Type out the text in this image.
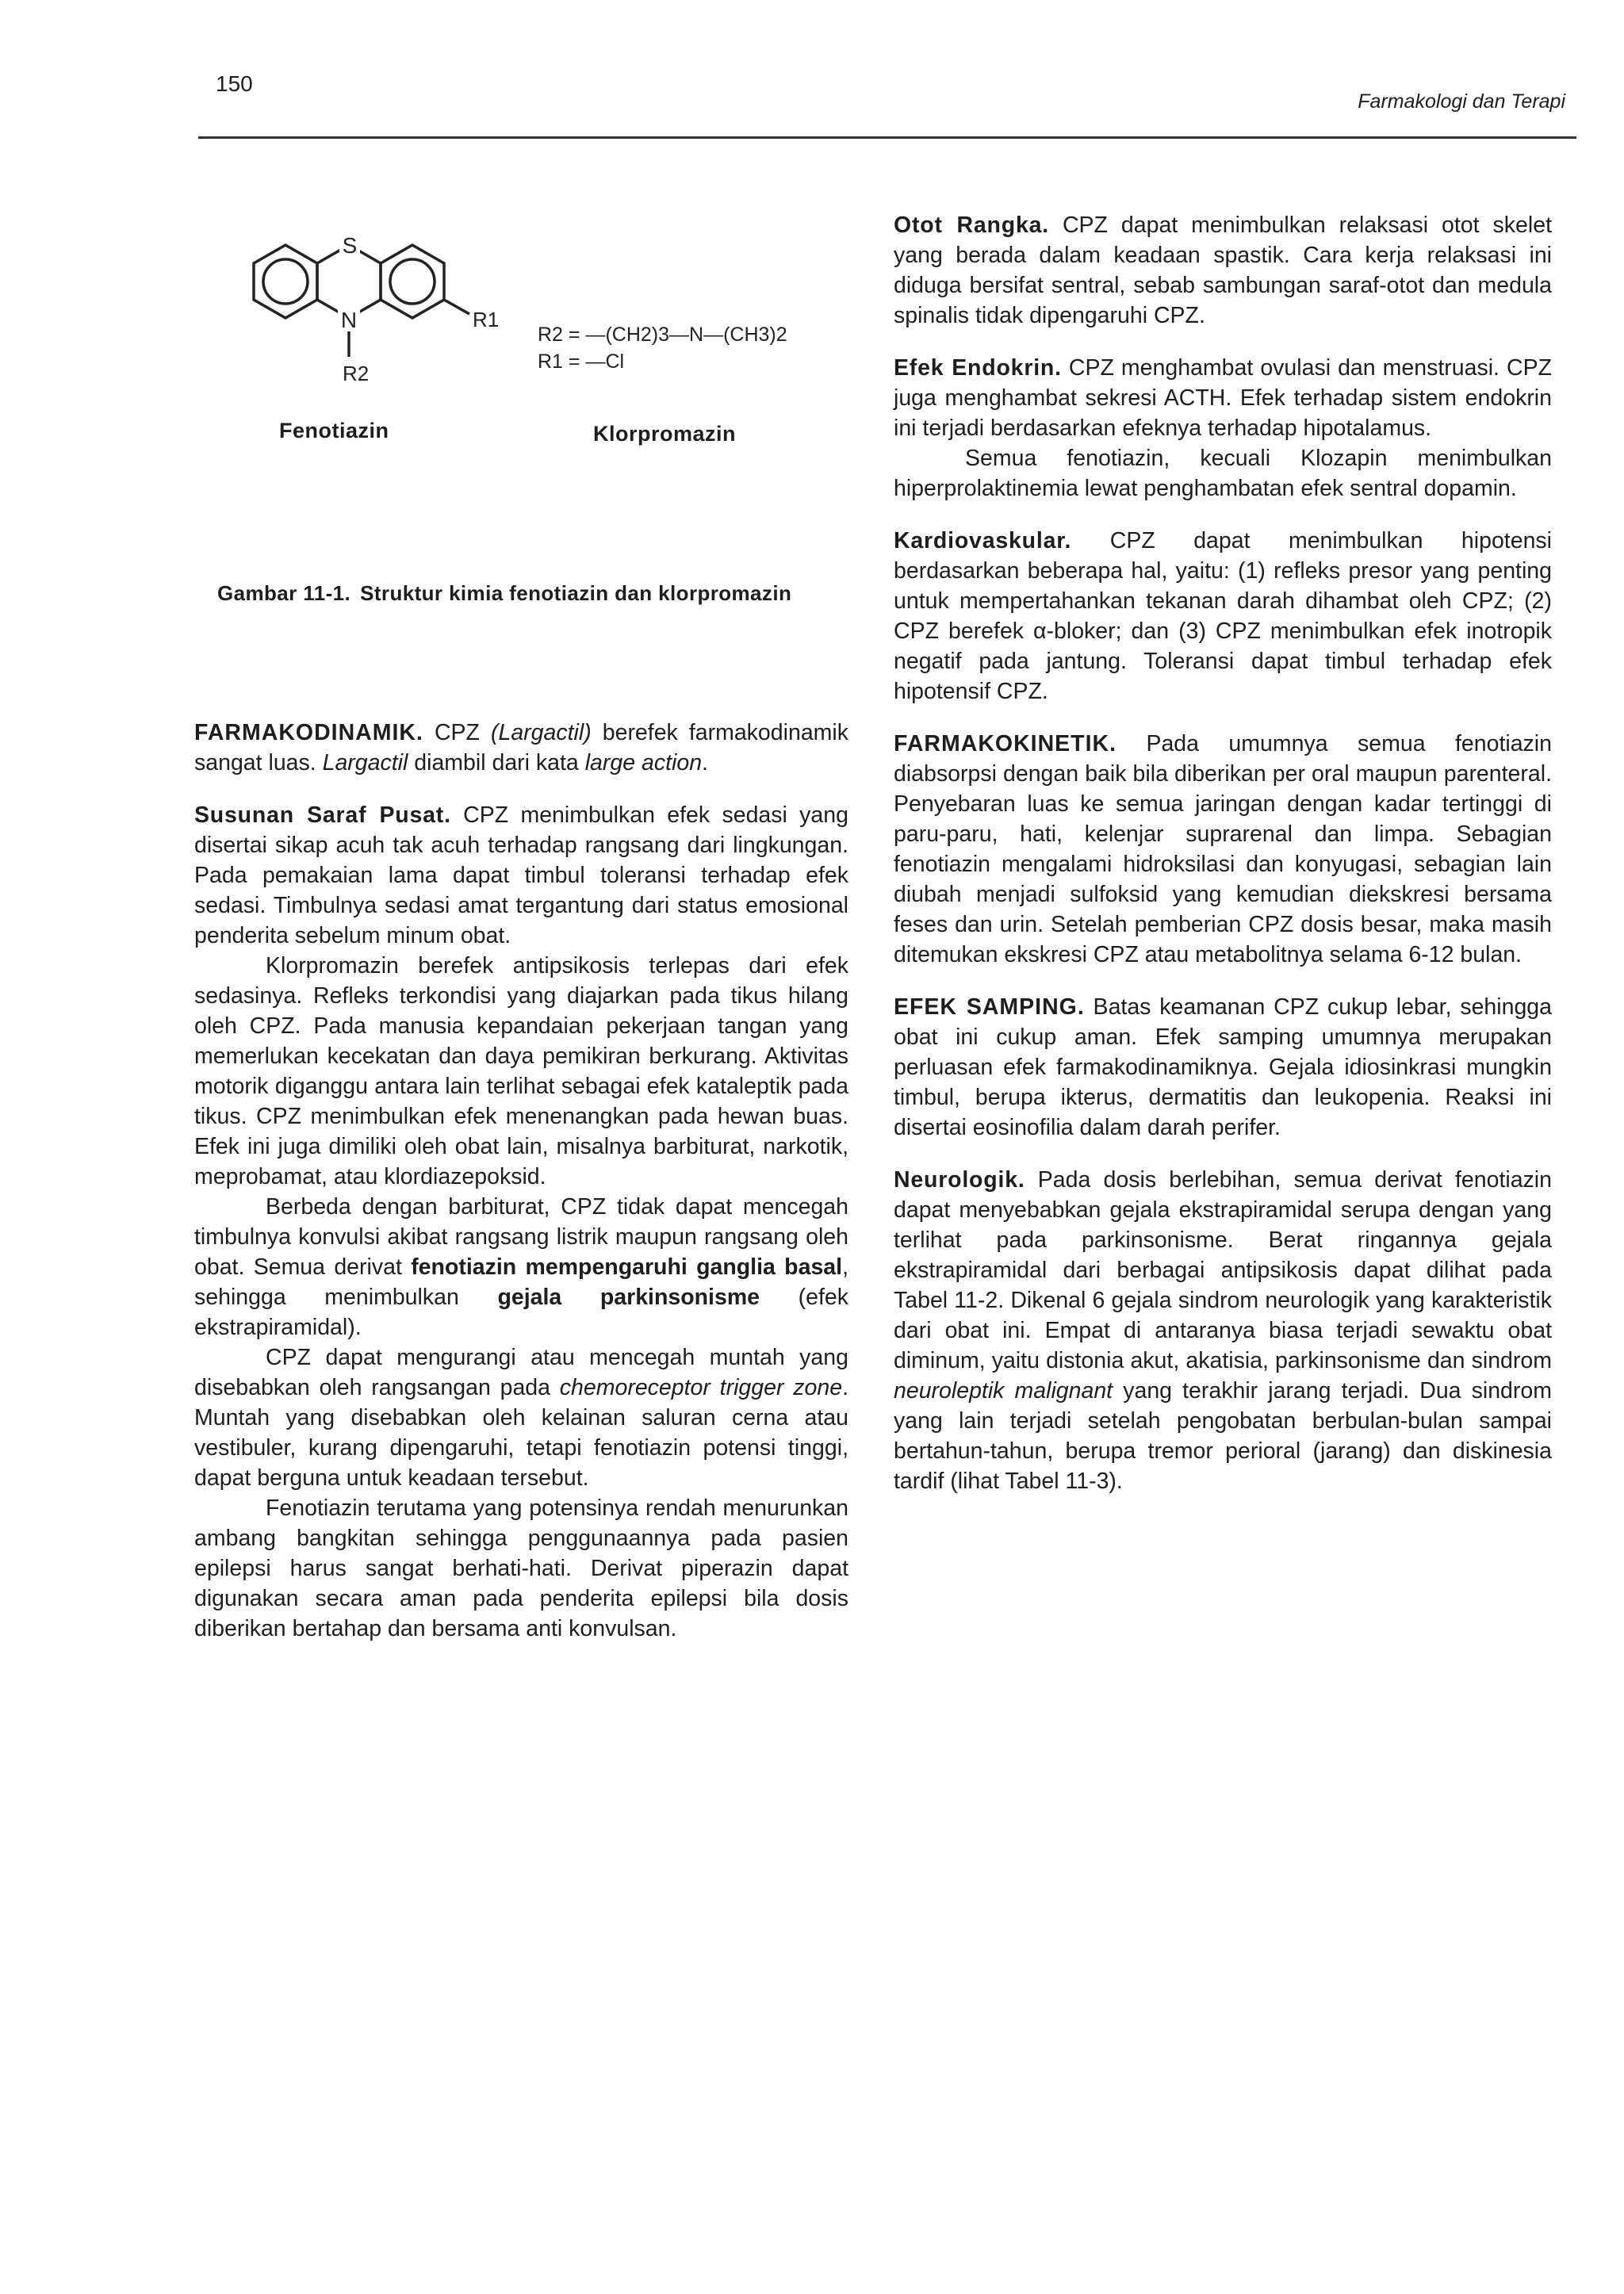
150
Farmakologi dan Terapi
S
N
R2
R1
R2 = —(CH2)3—N—(CH3)2
R1 = —Cl
Fenotiazin	Klorpromazin
Gambar 11-1. Struktur kimia fenotiazin dan klorpromazin

FARMAKODINAMIK. CPZ (Largactil) berefek farmakodinamik sangat luas. Largactil diambil dari kata large action.

Susunan Saraf Pusat. CPZ menimbulkan efek sedasi yang disertai sikap acuh tak acuh terhadap rangsang dari lingkungan. Pada pemakaian lama dapat timbul toleransi terhadap efek sedasi. Timbulnya sedasi amat tergantung dari status emosional penderita sebelum minum obat.

Klorpromazin berefek antipsikosis terlepas dari efek sedasinya. Refleks terkondisi yang diajarkan pada tikus hilang oleh CPZ. Pada manusia kepandaian pekerjaan tangan yang memerlukan kecekatan dan daya pemikiran berkurang. Aktivitas motorik diganggu antara lain terlihat sebagai efek kataleptik pada tikus. CPZ menimbulkan efek menenangkan pada hewan buas. Efek ini juga dimiliki oleh obat lain, misalnya barbiturat, narkotik, meprobamat, atau klordiazepoksid.

Berbeda dengan barbiturat, CPZ tidak dapat mencegah timbulnya konvulsi akibat rangsang listrik maupun rangsang oleh obat. Semua derivat fenotiazin mempengaruhi ganglia basal, sehingga menimbulkan gejala parkinsonisme (efek ekstrapiramidal).

CPZ dapat mengurangi atau mencegah muntah yang disebabkan oleh rangsangan pada chemoreceptor trigger zone. Muntah yang disebabkan oleh kelainan saluran cerna atau vestibuler, kurang dipengaruhi, tetapi fenotiazin potensi tinggi, dapat berguna untuk keadaan tersebut.

Fenotiazin terutama yang potensinya rendah menurunkan ambang bangkitan sehingga penggunaannya pada pasien epilepsi harus sangat berhati-hati. Derivat piperazin dapat digunakan secara aman pada penderita epilepsi bila dosis diberikan bertahap dan bersama anti konvulsan.

Otot Rangka. CPZ dapat menimbulkan relaksasi otot skelet yang berada dalam keadaan spastik. Cara kerja relaksasi ini diduga bersifat sentral, sebab sambungan saraf-otot dan medula spinalis tidak dipengaruhi CPZ.

Efek Endokrin. CPZ menghambat ovulasi dan menstruasi. CPZ juga menghambat sekresi ACTH. Efek terhadap sistem endokrin ini terjadi berdasarkan efeknya terhadap hipotalamus.

Semua fenotiazin, kecuali Klozapin menimbulkan hiperprolaktinemia lewat penghambatan efek sentral dopamin.

Kardiovaskular. CPZ dapat menimbulkan hipotensi berdasarkan beberapa hal, yaitu: (1) refleks presor yang penting untuk mempertahankan tekanan darah dihambat oleh CPZ; (2) CPZ berefek α-bloker; dan (3) CPZ menimbulkan efek inotropik negatif pada jantung. Toleransi dapat timbul terhadap efek hipotensif CPZ.

FARMAKOKINETIK. Pada umumnya semua fenotiazin diabsorpsi dengan baik bila diberikan per oral maupun parenteral. Penyebaran luas ke semua jaringan dengan kadar tertinggi di paru-paru, hati, kelenjar suprarenal dan limpa. Sebagian fenotiazin mengalami hidroksilasi dan konyugasi, sebagian lain diubah menjadi sulfoksid yang kemudian diekskresi bersama feses dan urin. Setelah pemberian CPZ dosis besar, maka masih ditemukan ekskresi CPZ atau metabolitnya selama 6-12 bulan.

EFEK SAMPING. Batas keamanan CPZ cukup lebar, sehingga obat ini cukup aman. Efek samping umumnya merupakan perluasan efek farmakodinamiknya. Gejala idiosinkrasi mungkin timbul, berupa ikterus, dermatitis dan leukopenia. Reaksi ini disertai eosinofilia dalam darah perifer.

Neurologik. Pada dosis berlebihan, semua derivat fenotiazin dapat menyebabkan gejala ekstrapiramidal serupa dengan yang terlihat pada parkinsonisme. Berat ringannya gejala ekstrapiramidal dari berbagai antipsikosis dapat dilihat pada Tabel 11-2. Dikenal 6 gejala sindrom neurologik yang karakteristik dari obat ini. Empat di antaranya biasa terjadi sewaktu obat diminum, yaitu distonia akut, akatisia, parkinsonisme dan sindrom neuroleptik malignant yang terakhir jarang terjadi. Dua sindrom yang lain terjadi setelah pengobatan berbulan-bulan sampai bertahun-tahun, berupa tremor perioral (jarang) dan diskinesia tardif (lihat Tabel 11-3).
